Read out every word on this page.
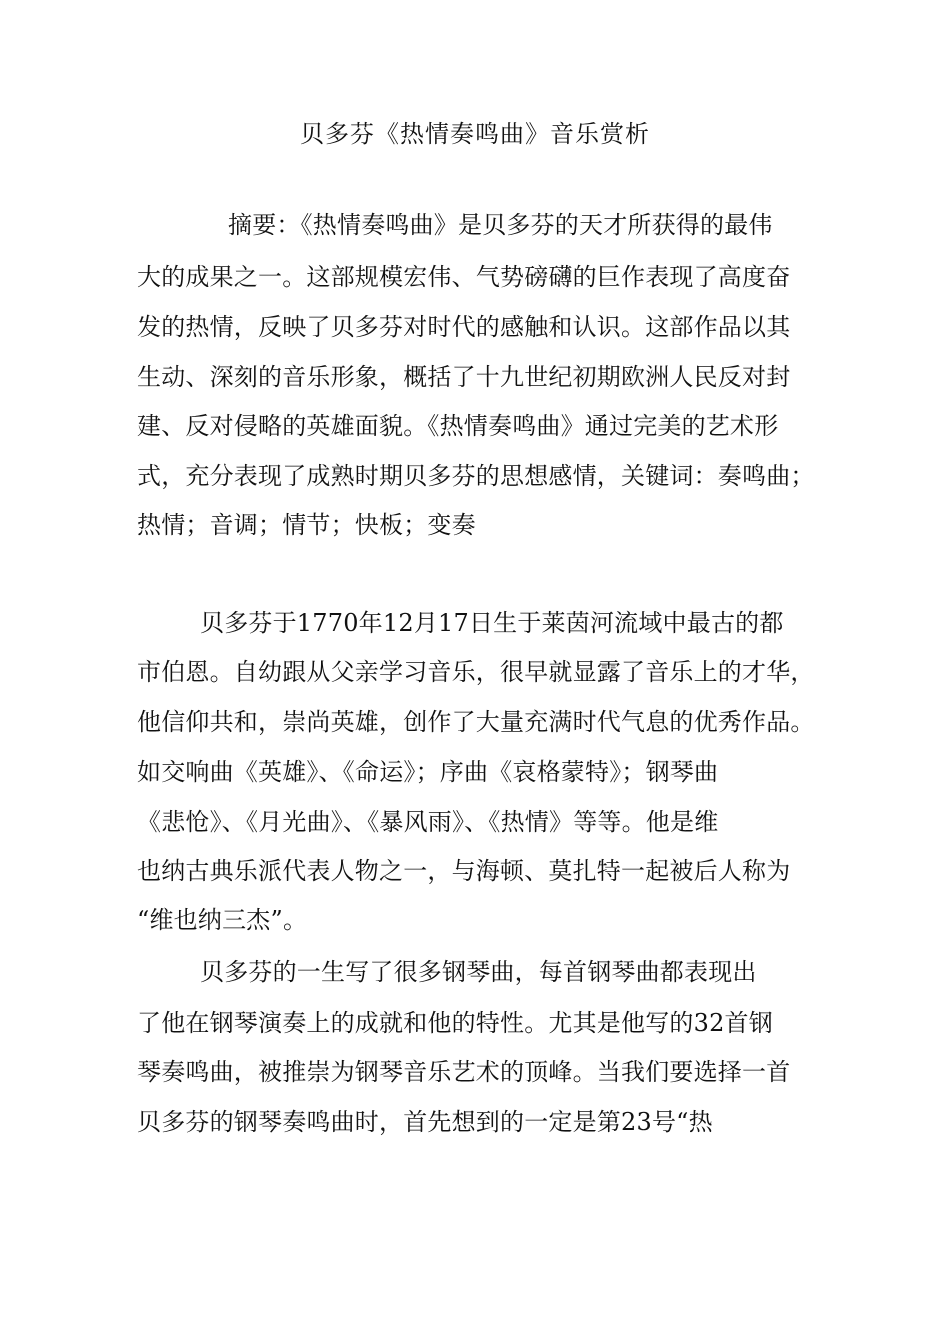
贝多芬《热情奏鸣曲》音乐赏析
摘要：《热情奏鸣曲》是贝多芬的天才所获得的最伟
大的成果之一。这部规模宏伟、气势磅礴的巨作表现了高度奋
发的热情，反映了贝多芬对时代的感触和认识。这部作品以其
生动、深刻的音乐形象，概括了十九世纪初期欧洲人民反对封
建、反对侵略的英雄面貌。《热情奏鸣曲》通过完美的艺术形
式，充分表现了成熟时期贝多芬的思想感情，关键词：奏鸣曲；
热情；音调；情节；快板；变奏
贝多芬于1770年12月17日生于莱茵河流域中最古的都
市伯恩。自幼跟从父亲学习音乐，很早就显露了音乐上的才华，
他信仰共和，崇尚英雄，创作了大量充满时代气息的优秀作品。
如交响曲《英雄》、《命运》；序曲《哀格蒙特》；钢琴曲
《悲怆》、《月光曲》、《暴风雨》、《热情》等等。他是维
也纳古典乐派代表人物之一，与海顿、莫扎特一起被后人称为
“维也纳三杰”。
贝多芬的一生写了很多钢琴曲，每首钢琴曲都表现出
了他在钢琴演奏上的成就和他的特性。尤其是他写的32首钢
琴奏鸣曲，被推崇为钢琴音乐艺术的顶峰。当我们要选择一首
贝多芬的钢琴奏鸣曲时，首先想到的一定是第23号“热
